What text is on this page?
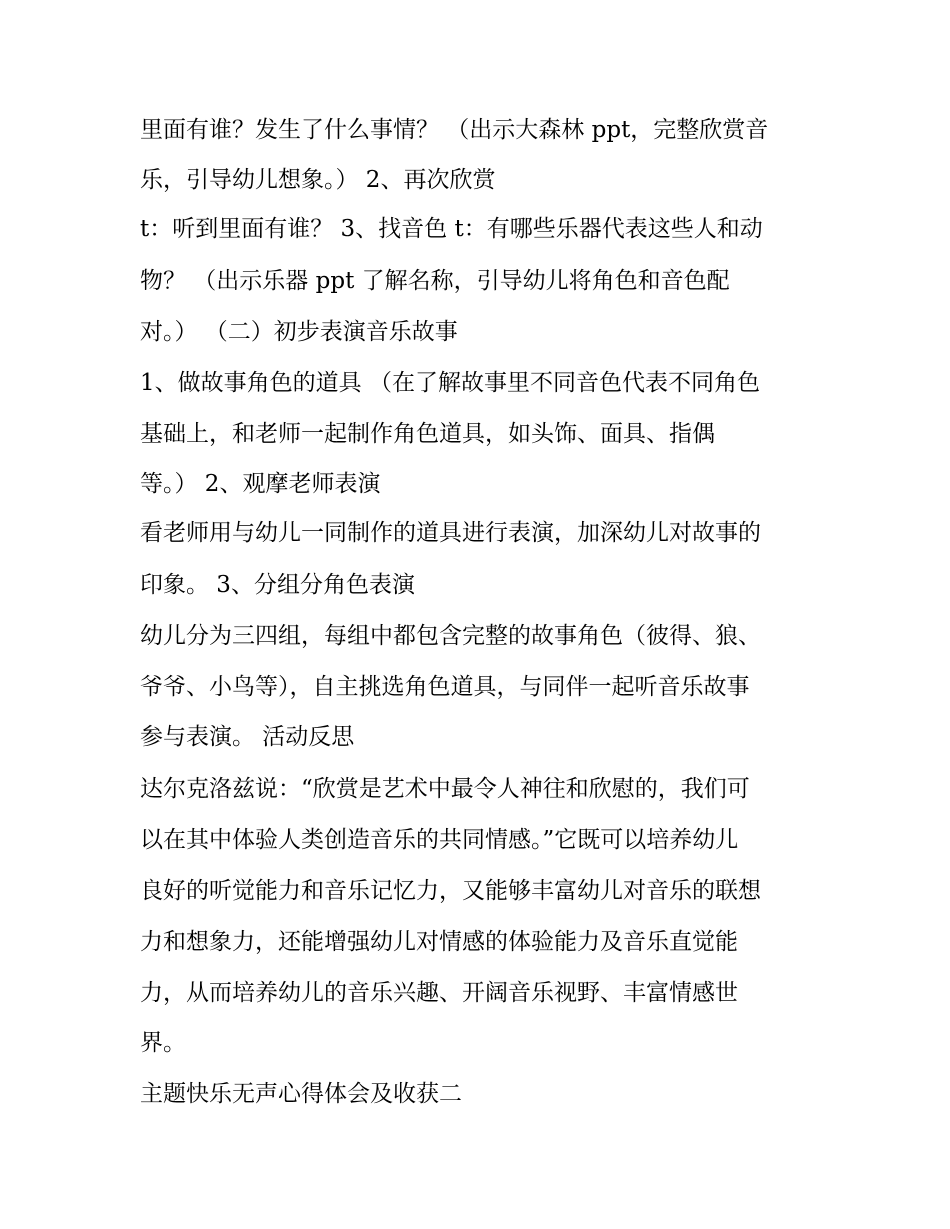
里面有谁？发生了什么事情？ （出示大森林 ppt，完整欣赏音
乐，引导幼儿想象。） 2、再次欣赏
t：听到里面有谁？ 3、找音色 t：有哪些乐器代表这些人和动
物？ （出示乐器 ppt 了解名称，引导幼儿将角色和音色配
对。） （二）初步表演音乐故事
1、做故事角色的道具 （在了解故事里不同音色代表不同角色
基础上，和老师一起制作角色道具，如头饰、面具、指偶
等。） 2、观摩老师表演
看老师用与幼儿一同制作的道具进行表演，加深幼儿对故事的
印象。 3、分组分角色表演
幼儿分为三四组，每组中都包含完整的故事角色（彼得、狼、
爷爷、小鸟等），自主挑选角色道具，与同伴一起听音乐故事
参与表演。 活动反思
达尔克洛兹说：“欣赏是艺术中最令人神往和欣慰的，我们可
以在其中体验人类创造音乐的共同情感。”它既可以培养幼儿
良好的听觉能力和音乐记忆力，又能够丰富幼儿对音乐的联想
力和想象力，还能增强幼儿对情感的体验能力及音乐直觉能
力，从而培养幼儿的音乐兴趣、开阔音乐视野、丰富情感世
界。
主题快乐无声心得体会及收获二
